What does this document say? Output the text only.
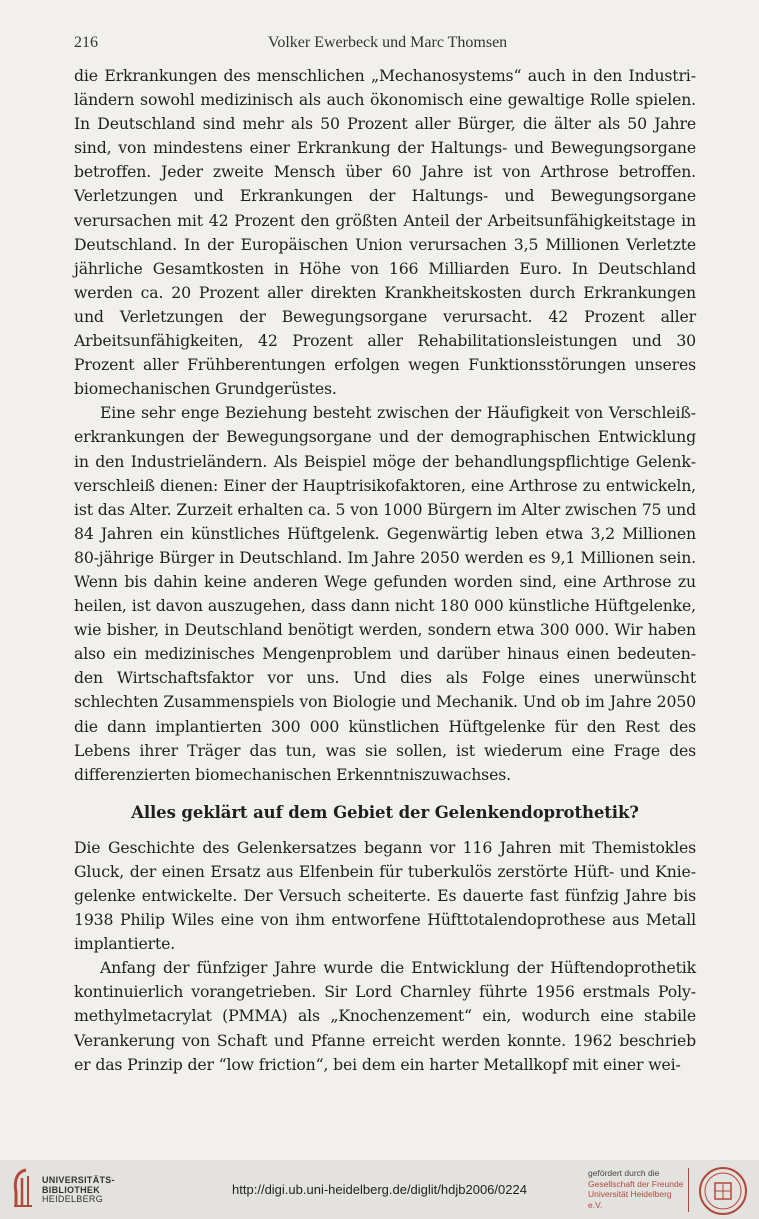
216	Volker Ewerbeck und Marc Thomsen

die Erkrankungen des menschlichen „Mechanosystems“ auch in den Industriländern sowohl medizinisch als auch ökonomisch eine gewaltige Rolle spielen. In Deutschland sind mehr als 50 Prozent aller Bürger, die älter als 50 Jahre sind, von mindestens einer Erkrankung der Haltungs- und Bewegungsorgane betroffen. Jeder zweite Mensch über 60 Jahre ist von Arthrose betroffen. Verletzungen und Erkrankungen der Haltungs- und Bewegungsorgane verursachen mit 42 Prozent den größten Anteil der Arbeitsunfähigkeitstage in Deutschland. In der Europäischen Union verursachen 3,5 Millionen Verletzte jährliche Gesamtkosten in Höhe von 166 Milliarden Euro. In Deutschland werden ca. 20 Prozent aller direkten Krankheitskosten durch Erkrankungen und Verletzungen der Bewegungsorgane verursacht. 42 Prozent aller Arbeitsunfähigkeiten, 42 Prozent aller Rehabilitationsleistungen und 30 Prozent aller Frühberentungen erfolgen wegen Funktionsstörungen unseres biomechanischen Grundgerüstes.

Eine sehr enge Beziehung besteht zwischen der Häufigkeit von Verschleißerkrankungen der Bewegungsorgane und der demographischen Entwicklung in den Industrieländern. Als Beispiel möge der behandlungspflichtige Gelenkverschleiß dienen: Einer der Hauptrisikofaktoren, eine Arthrose zu entwickeln, ist das Alter. Zurzeit erhalten ca. 5 von 1000 Bürgern im Alter zwischen 75 und 84 Jahren ein künstliches Hüftgelenk. Gegenwärtig leben etwa 3,2 Millionen 80-jährige Bürger in Deutschland. Im Jahre 2050 werden es 9,1 Millionen sein. Wenn bis dahin keine anderen Wege gefunden worden sind, eine Arthrose zu heilen, ist davon auszugehen, dass dann nicht 180 000 künstliche Hüftgelenke, wie bisher, in Deutschland benötigt werden, sondern etwa 300 000. Wir haben also ein medizinisches Mengenproblem und darüber hinaus einen bedeutenden Wirtschaftsfaktor vor uns. Und dies als Folge eines unerwünscht schlechten Zusammenspiels von Biologie und Mechanik. Und ob im Jahre 2050 die dann implantierten 300 000 künstlichen Hüftgelenke für den Rest des Lebens ihrer Träger das tun, was sie sollen, ist wiederum eine Frage des differenzierten biomechanischen Erkenntniszuwachses.

Alles geklärt auf dem Gebiet der Gelenkendoprothetik?

Die Geschichte des Gelenkersatzes begann vor 116 Jahren mit Themistokles Gluck, der einen Ersatz aus Elfenbein für tuberkulös zerstörte Hüft- und Kniegelenke entwickelte. Der Versuch scheiterte. Es dauerte fast fünfzig Jahre bis 1938 Philip Wiles eine von ihm entworfene Hüfttotalendoprothese aus Metall implantierte.

Anfang der fünfziger Jahre wurde die Entwicklung der Hüftendoprothetik kontinuierlich vorangetrieben. Sir Lord Charnley führte 1956 erstmals Polymethylmetacrylat (PMMA) als „Knochenzement“ ein, wodurch eine stabile Verankerung von Schaft und Pfanne erreicht werden konnte. 1962 beschrieb er das Prinzip der “low friction“, bei dem ein harter Metallkopf mit einer wei-

UNIVERSITÄTS-
BIBLIOTHEK
HEIDELBERG
http://digi.ub.uni-heidelberg.de/diglit/hdjb2006/0224
gefördert durch die
Gesellschaft der Freunde
Universität Heidelberg e.V.
